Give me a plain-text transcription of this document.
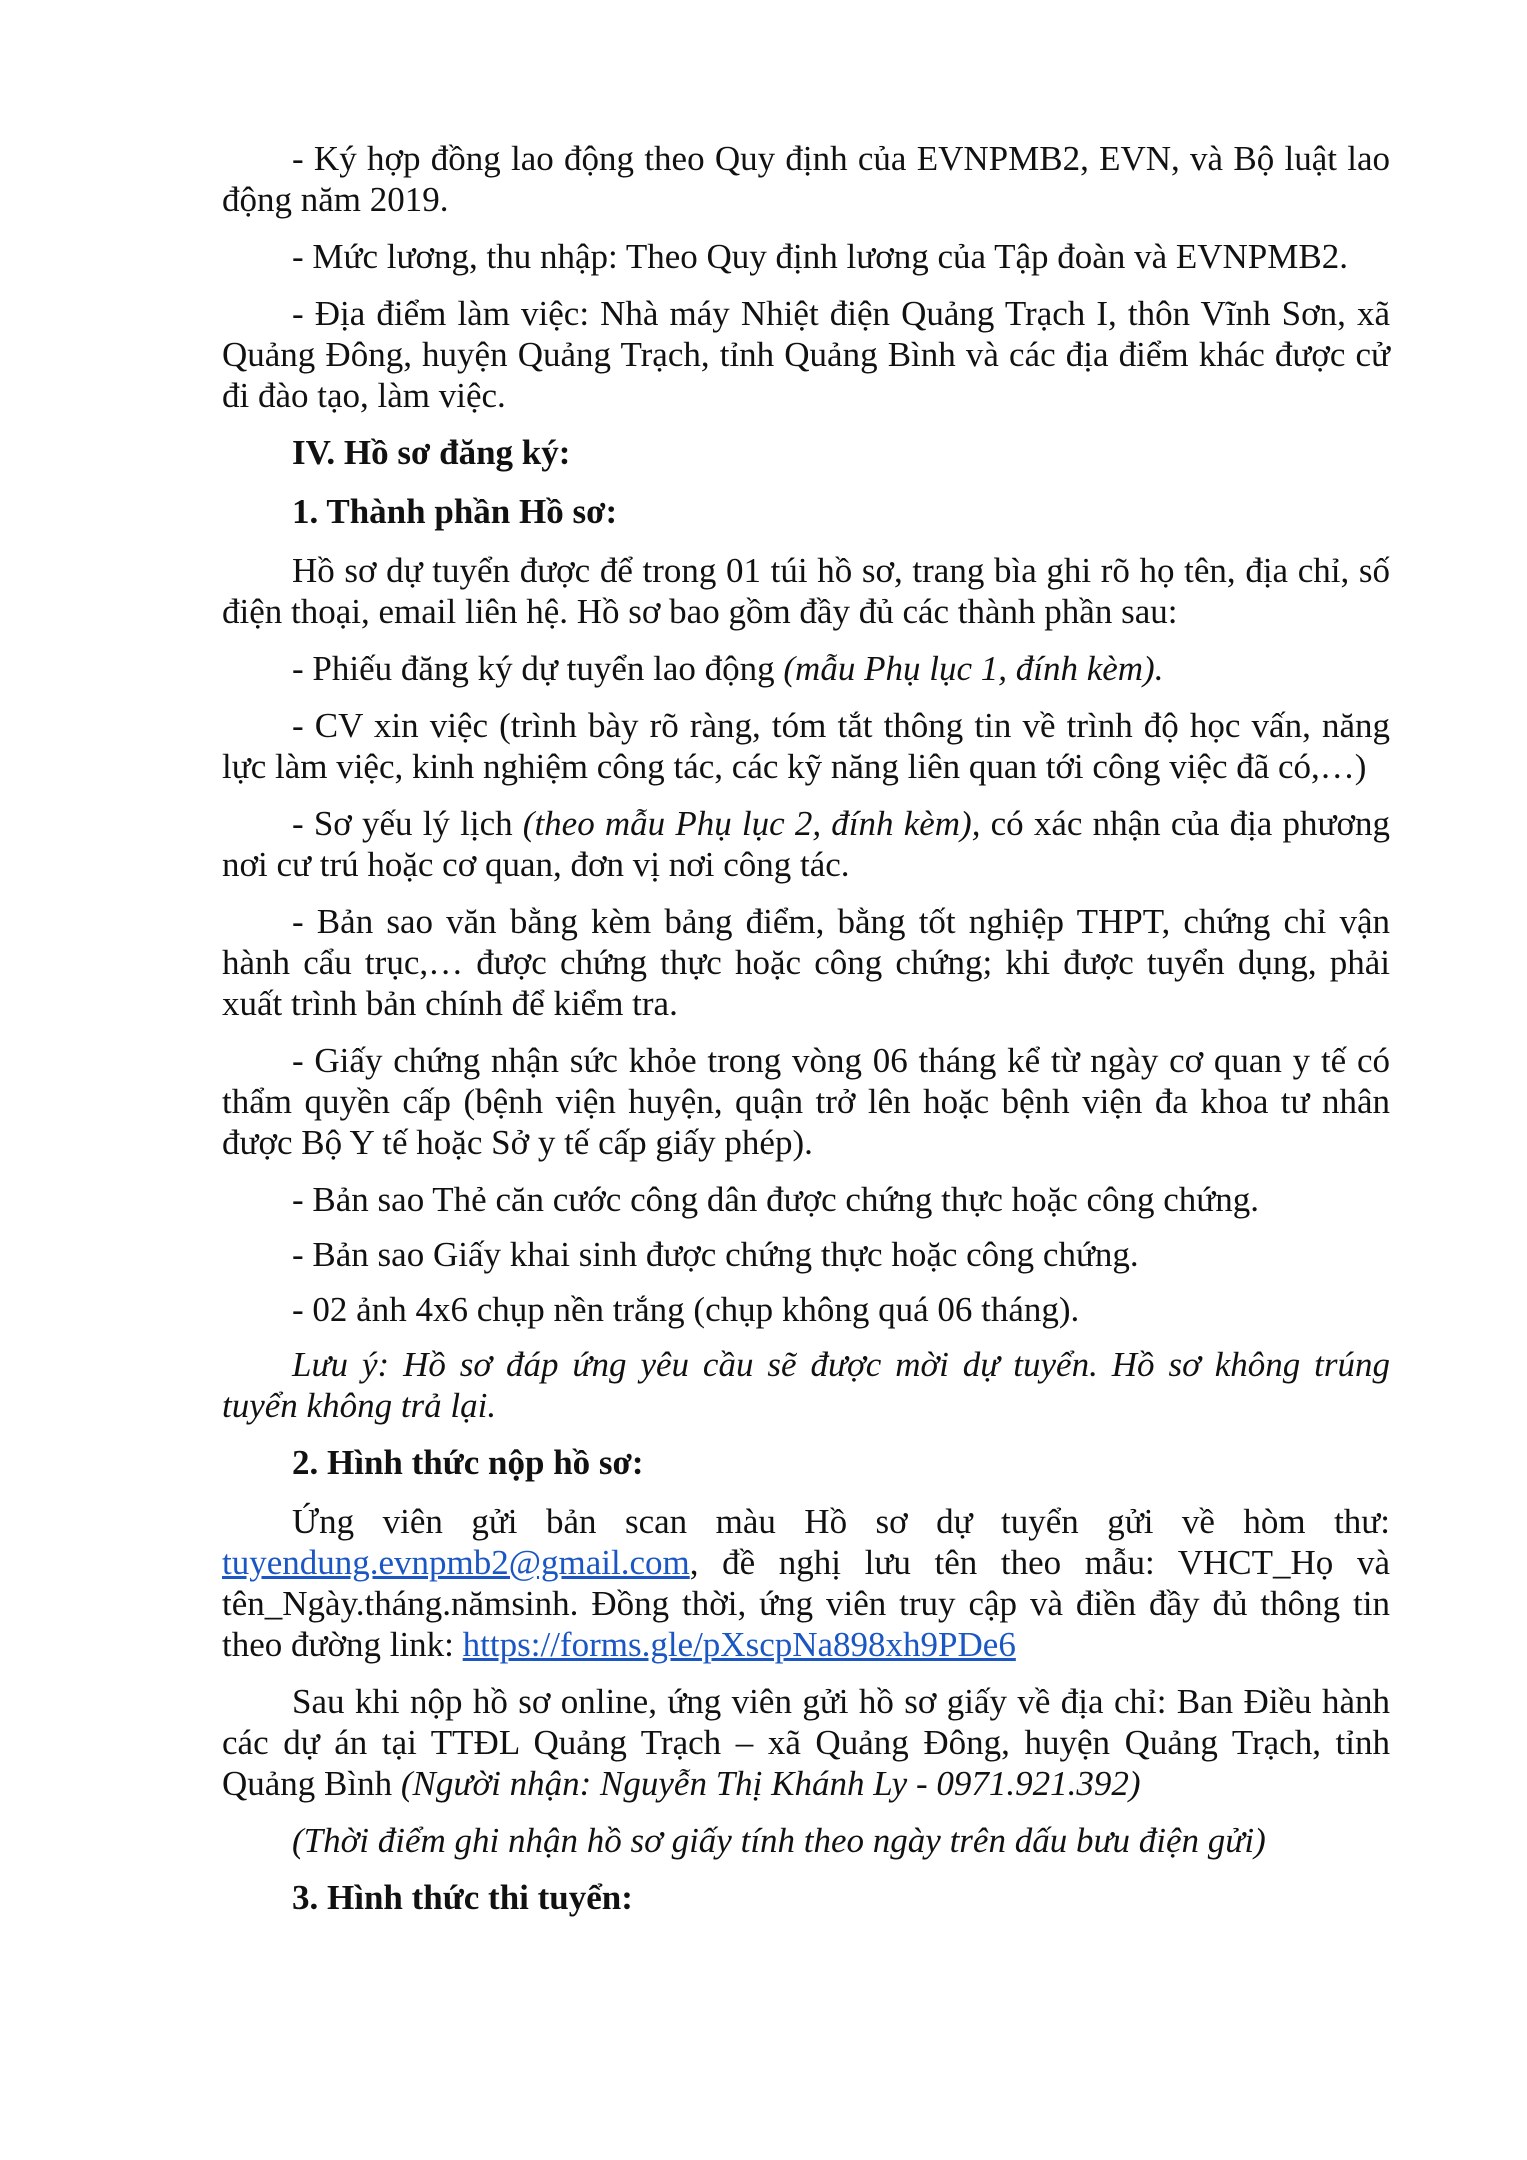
- Ký hợp đồng lao động theo Quy định của EVNPMB2, EVN, và Bộ luật lao động năm 2019.

- Mức lương, thu nhập: Theo Quy định lương của Tập đoàn và EVNPMB2.

- Địa điểm làm việc: Nhà máy Nhiệt điện Quảng Trạch I, thôn Vĩnh Sơn, xã Quảng Đông, huyện Quảng Trạch, tỉnh Quảng Bình và các địa điểm khác được cử đi đào tạo, làm việc.

IV. Hồ sơ đăng ký:

1. Thành phần Hồ sơ:

Hồ sơ dự tuyển được để trong 01 túi hồ sơ, trang bìa ghi rõ họ tên, địa chỉ, số điện thoại, email liên hệ. Hồ sơ bao gồm đầy đủ các thành phần sau:

- Phiếu đăng ký dự tuyển lao động (mẫu Phụ lục 1, đính kèm).

- CV xin việc (trình bày rõ ràng, tóm tắt thông tin về trình độ học vấn, năng lực làm việc, kinh nghiệm công tác, các kỹ năng liên quan tới công việc đã có,…)

- Sơ yếu lý lịch (theo mẫu Phụ lục 2, đính kèm), có xác nhận của địa phương nơi cư trú hoặc cơ quan, đơn vị nơi công tác.

- Bản sao văn bằng kèm bảng điểm, bằng tốt nghiệp THPT, chứng chỉ vận hành cẩu trục,… được chứng thực hoặc công chứng; khi được tuyển dụng, phải xuất trình bản chính để kiểm tra.

- Giấy chứng nhận sức khỏe trong vòng 06 tháng kể từ ngày cơ quan y tế có thẩm quyền cấp (bệnh viện huyện, quận trở lên hoặc bệnh viện đa khoa tư nhân được Bộ Y tế hoặc Sở y tế cấp giấy phép).

- Bản sao Thẻ căn cước công dân được chứng thực hoặc công chứng.

- Bản sao Giấy khai sinh được chứng thực hoặc công chứng.

- 02 ảnh 4x6 chụp nền trắng (chụp không quá 06 tháng).

Lưu ý: Hồ sơ đáp ứng yêu cầu sẽ được mời dự tuyển. Hồ sơ không trúng tuyển không trả lại.

2. Hình thức nộp hồ sơ:

Ứng viên gửi bản scan màu Hồ sơ dự tuyển gửi về hòm thư: tuyendung.evnpmb2@gmail.com, đề nghị lưu tên theo mẫu: VHCT_Họ và tên_Ngày.tháng.nămsinh. Đồng thời, ứng viên truy cập và điền đầy đủ thông tin theo đường link: https://forms.gle/pXscpNa898xh9PDe6

Sau khi nộp hồ sơ online, ứng viên gửi hồ sơ giấy về địa chỉ: Ban Điều hành các dự án tại TTĐL Quảng Trạch – xã Quảng Đông, huyện Quảng Trạch, tỉnh Quảng Bình (Người nhận: Nguyễn Thị Khánh Ly - 0971.921.392)

(Thời điểm ghi nhận hồ sơ giấy tính theo ngày trên dấu bưu điện gửi)

3. Hình thức thi tuyển:
